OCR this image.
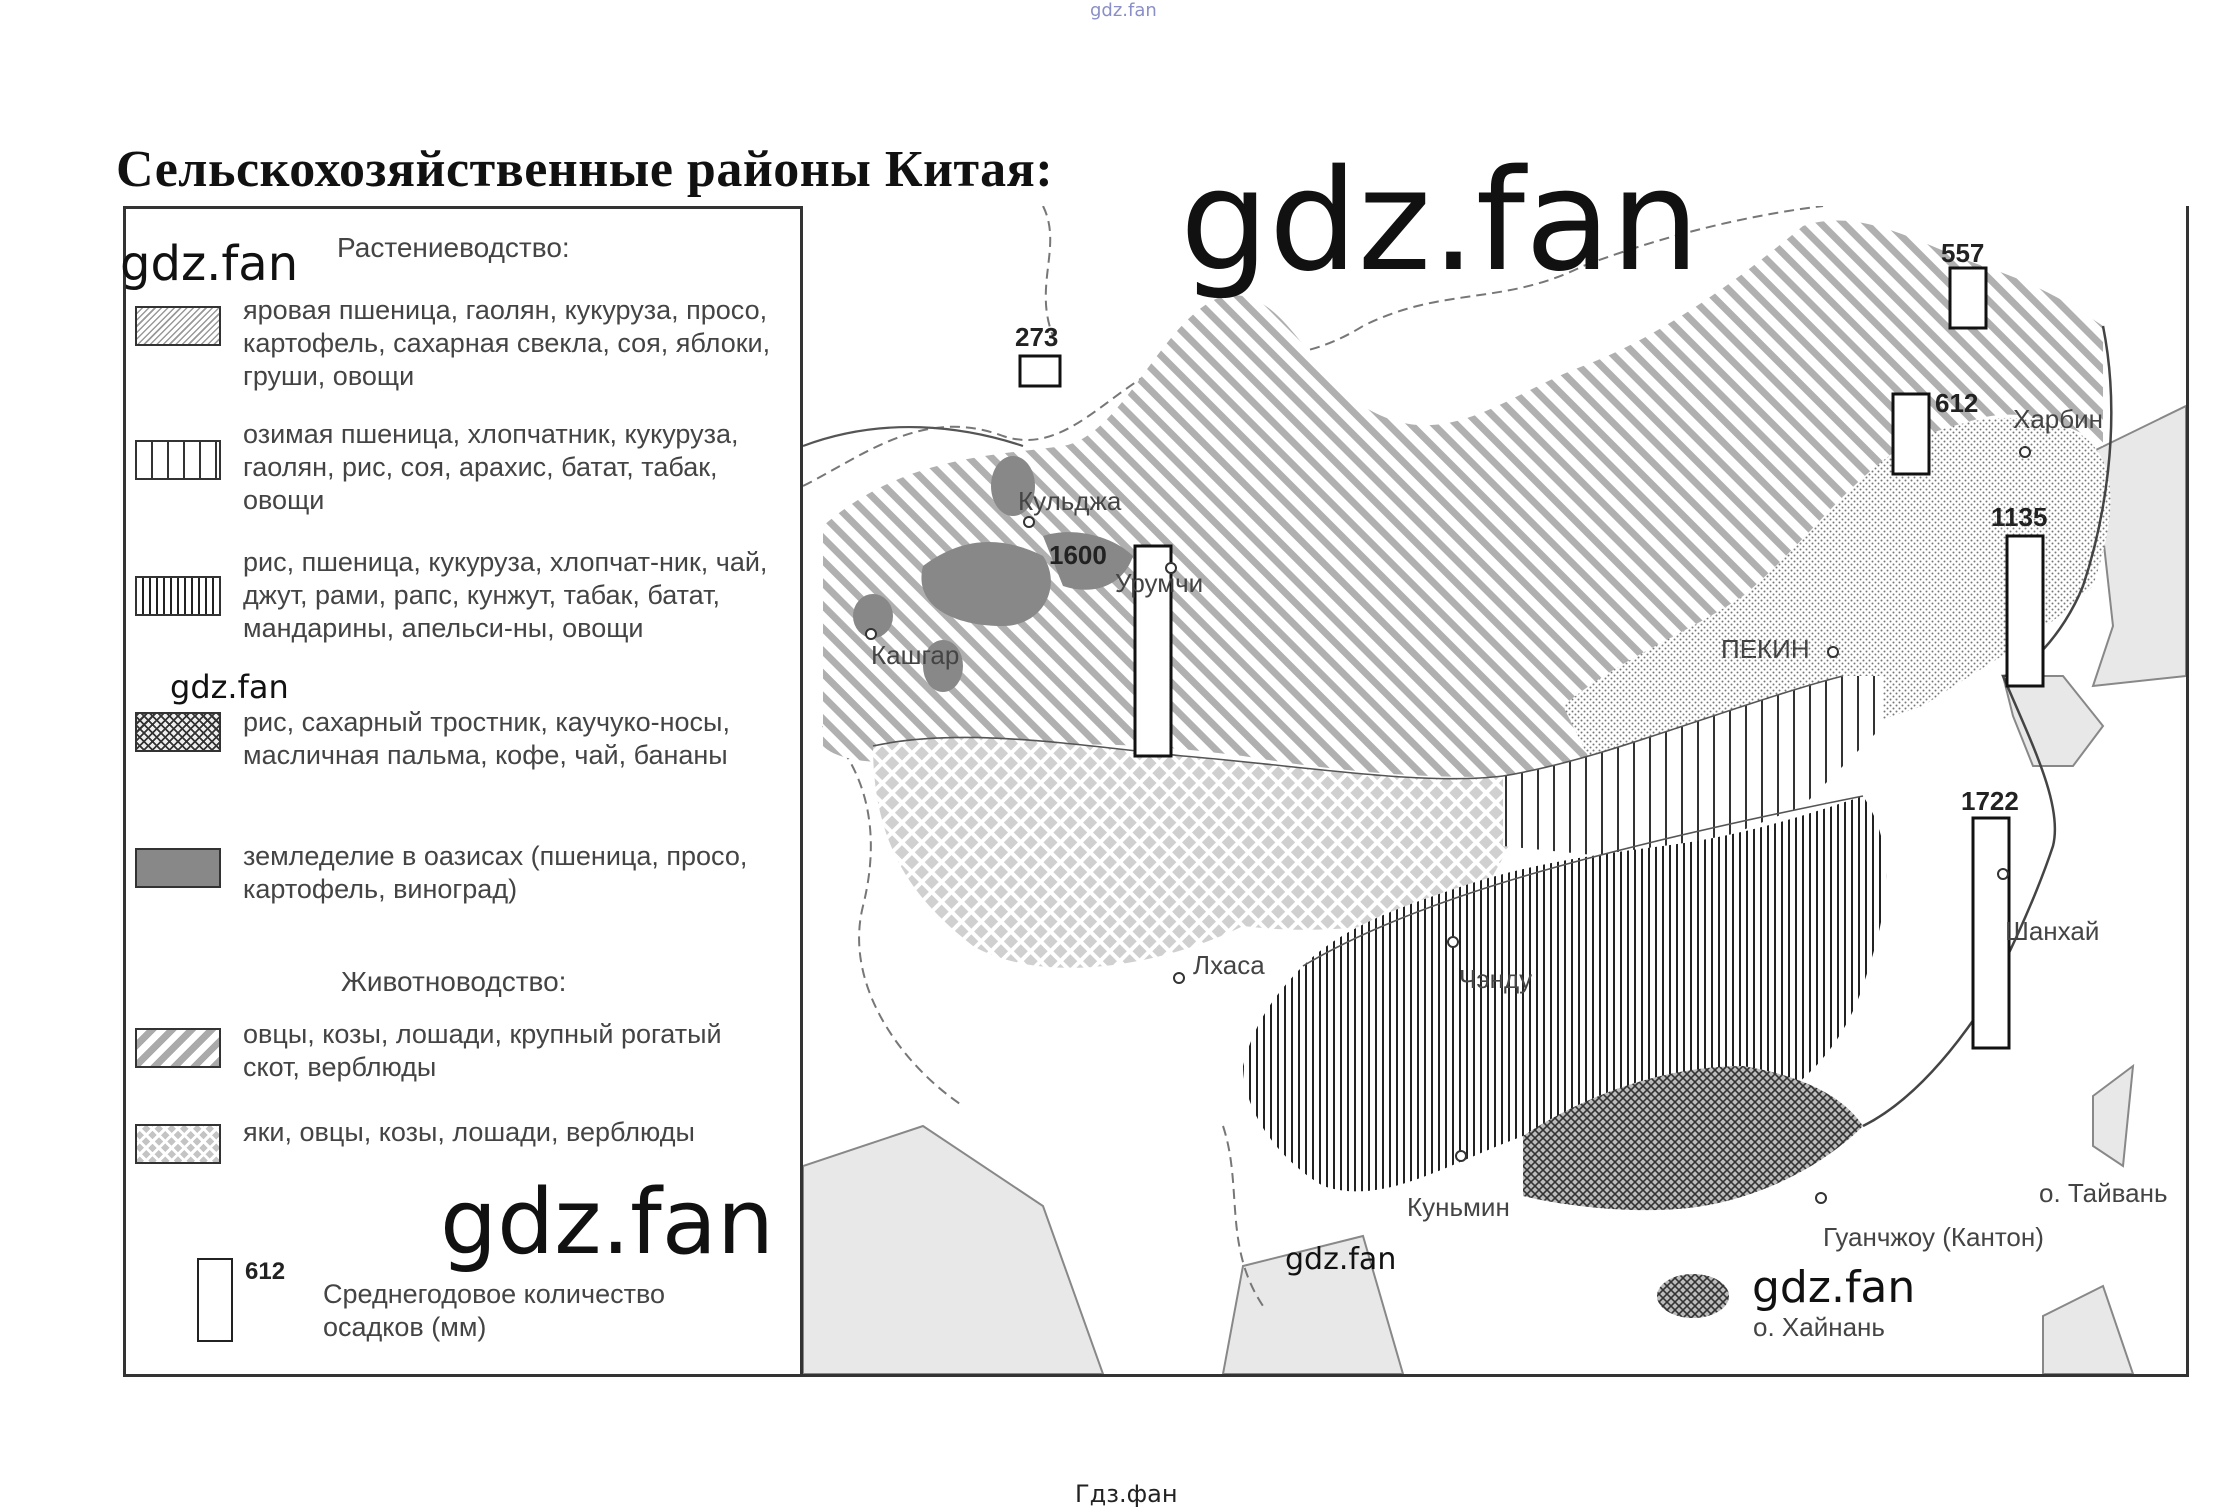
gdz.fan
Сельскохозяйственные районы Китая:
Растениеводство:
яровая пшеница, гаолян, кукуруза, просо, картофель, сахарная свекла, соя, яблоки, груши, овощи
озимая пшеница, хлопчатник, кукуруза, гаолян, рис, соя, арахис, батат, табак, овощи
рис, пшеница, кукуруза, хлопчат-ник, чай, джут, рами, рапс, кунжут, табак, батат, мандарины, апельси-ны, овощи
рис, сахарный тростник, каучуко-носы, масличная пальма, кофе, чай, бананы
земледелие в оазисах (пшеница, просо, картофель, виноград)
Животноводство:
овцы, козы, лошади, крупный рогатый скот, верблюды
яки, овцы, козы, лошади, верблюды
612
Среднегодовое количество осадков (мм)
273
557
612
1135
1600
1722
Кульджа
Урумчи
Кашгар
Лхаса
ПЕКИН
Харбин
Шанхай
Чэнду
Куньмин
Гуанчжоу (Кантон)
о. Тайвань
о. Хайнань
gdz.fan
gdz.fan
gdz.fan
gdz.fan
gdz.fan
gdz.fan
Гдз.фан
